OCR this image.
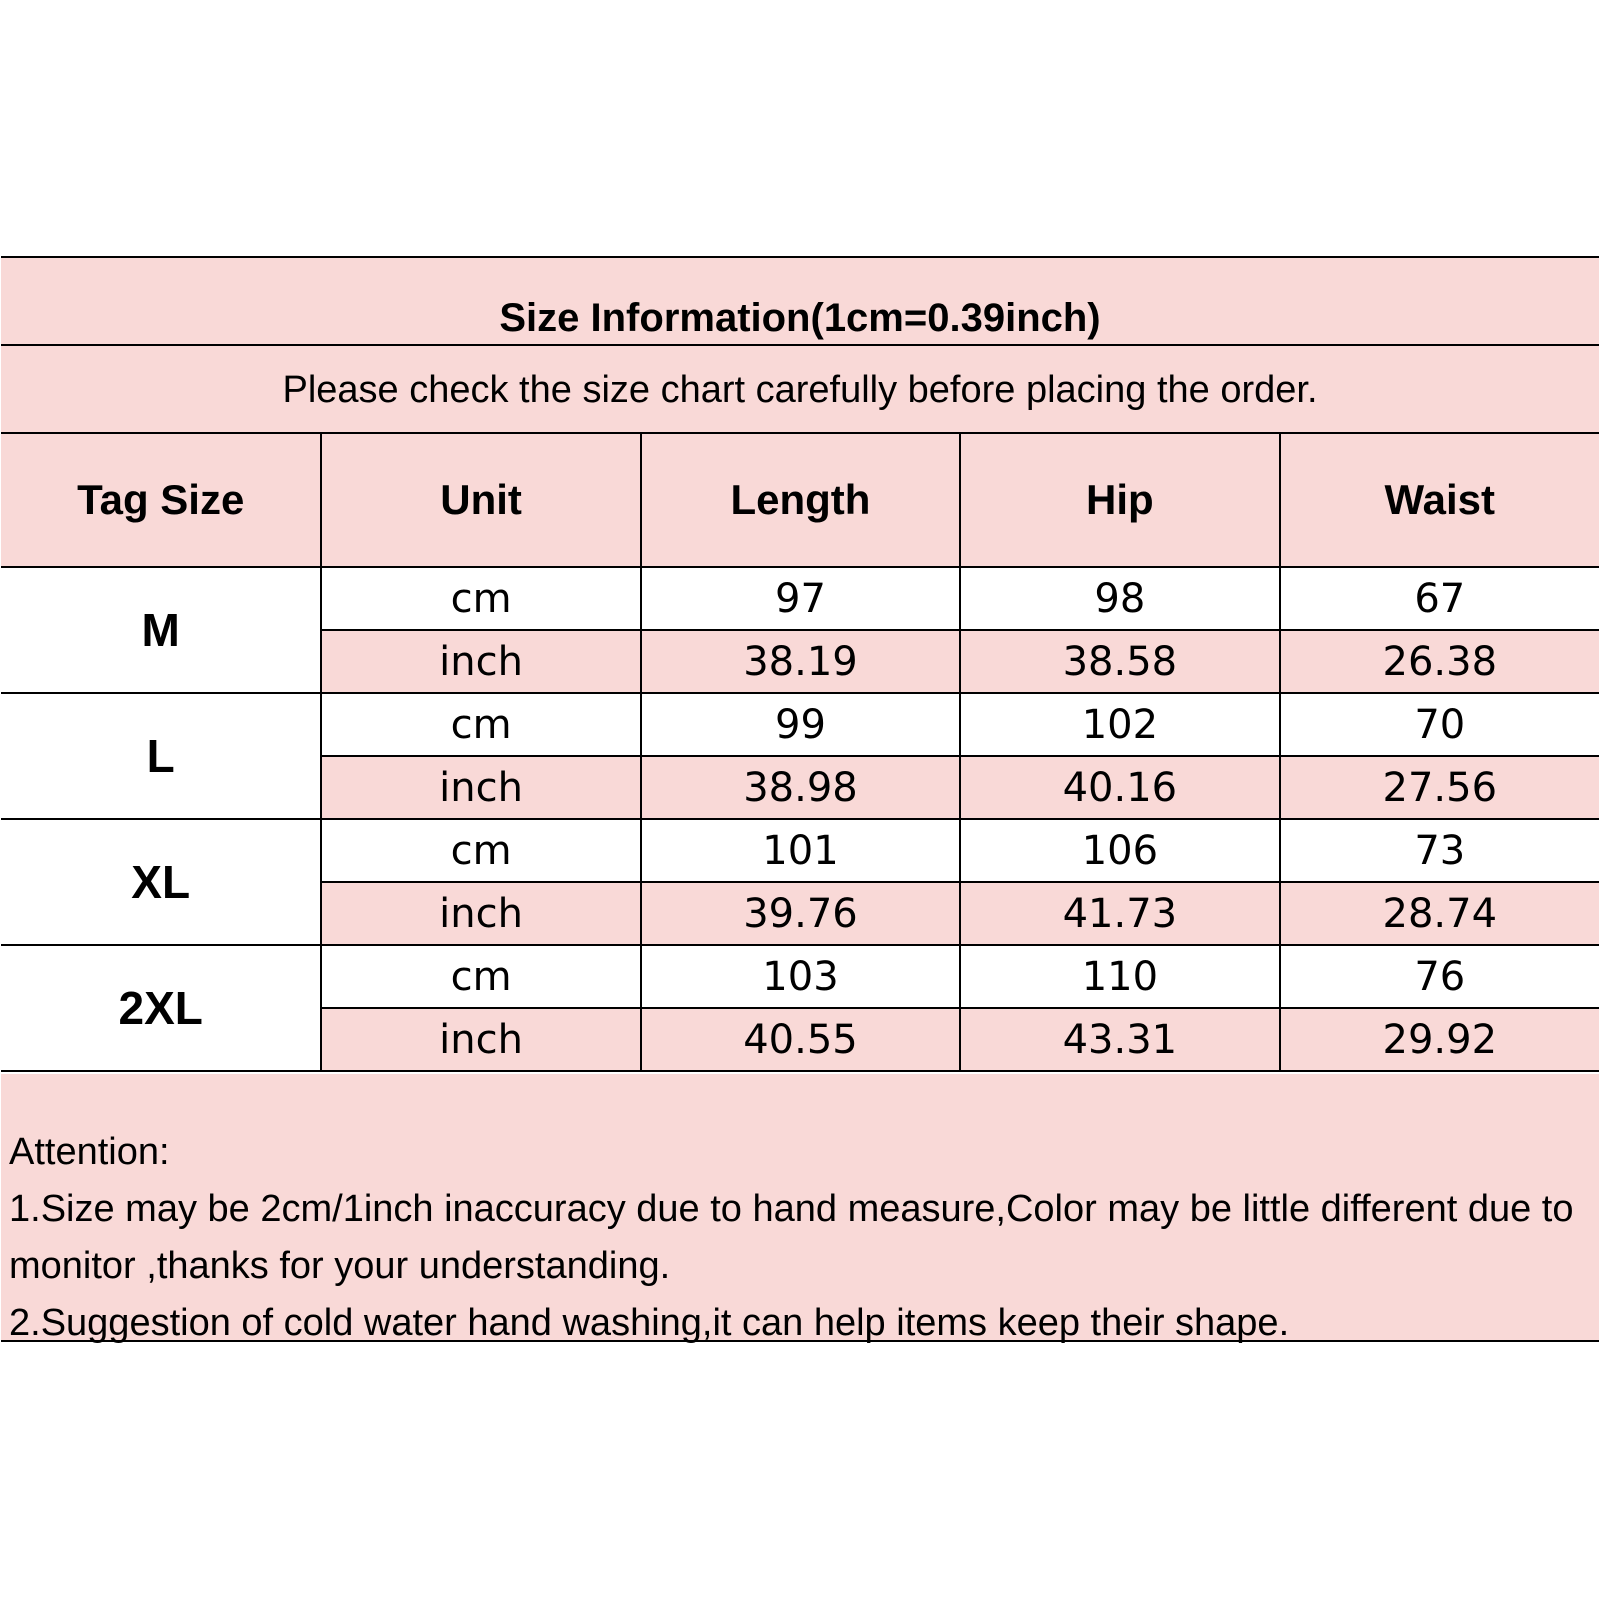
Size Information(1cm=0.39inch)
Please check the size chart carefully before placing the order.
Tag Size	Unit	Length	Hip	Waist
M	cm	97	98	67
	inch	38.19	38.58	26.38
L	cm	99	102	70
	inch	38.98	40.16	27.56
XL	cm	101	106	73
	inch	39.76	41.73	28.74
2XL	cm	103	110	76
	inch	40.55	43.31	29.92

Attention:

1.Size may be 2cm/1inch inaccuracy due to hand measure,Color may be little different due to monitor ,thanks for your understanding.

2.Suggestion of cold water hand washing,it can help items keep their shape.
